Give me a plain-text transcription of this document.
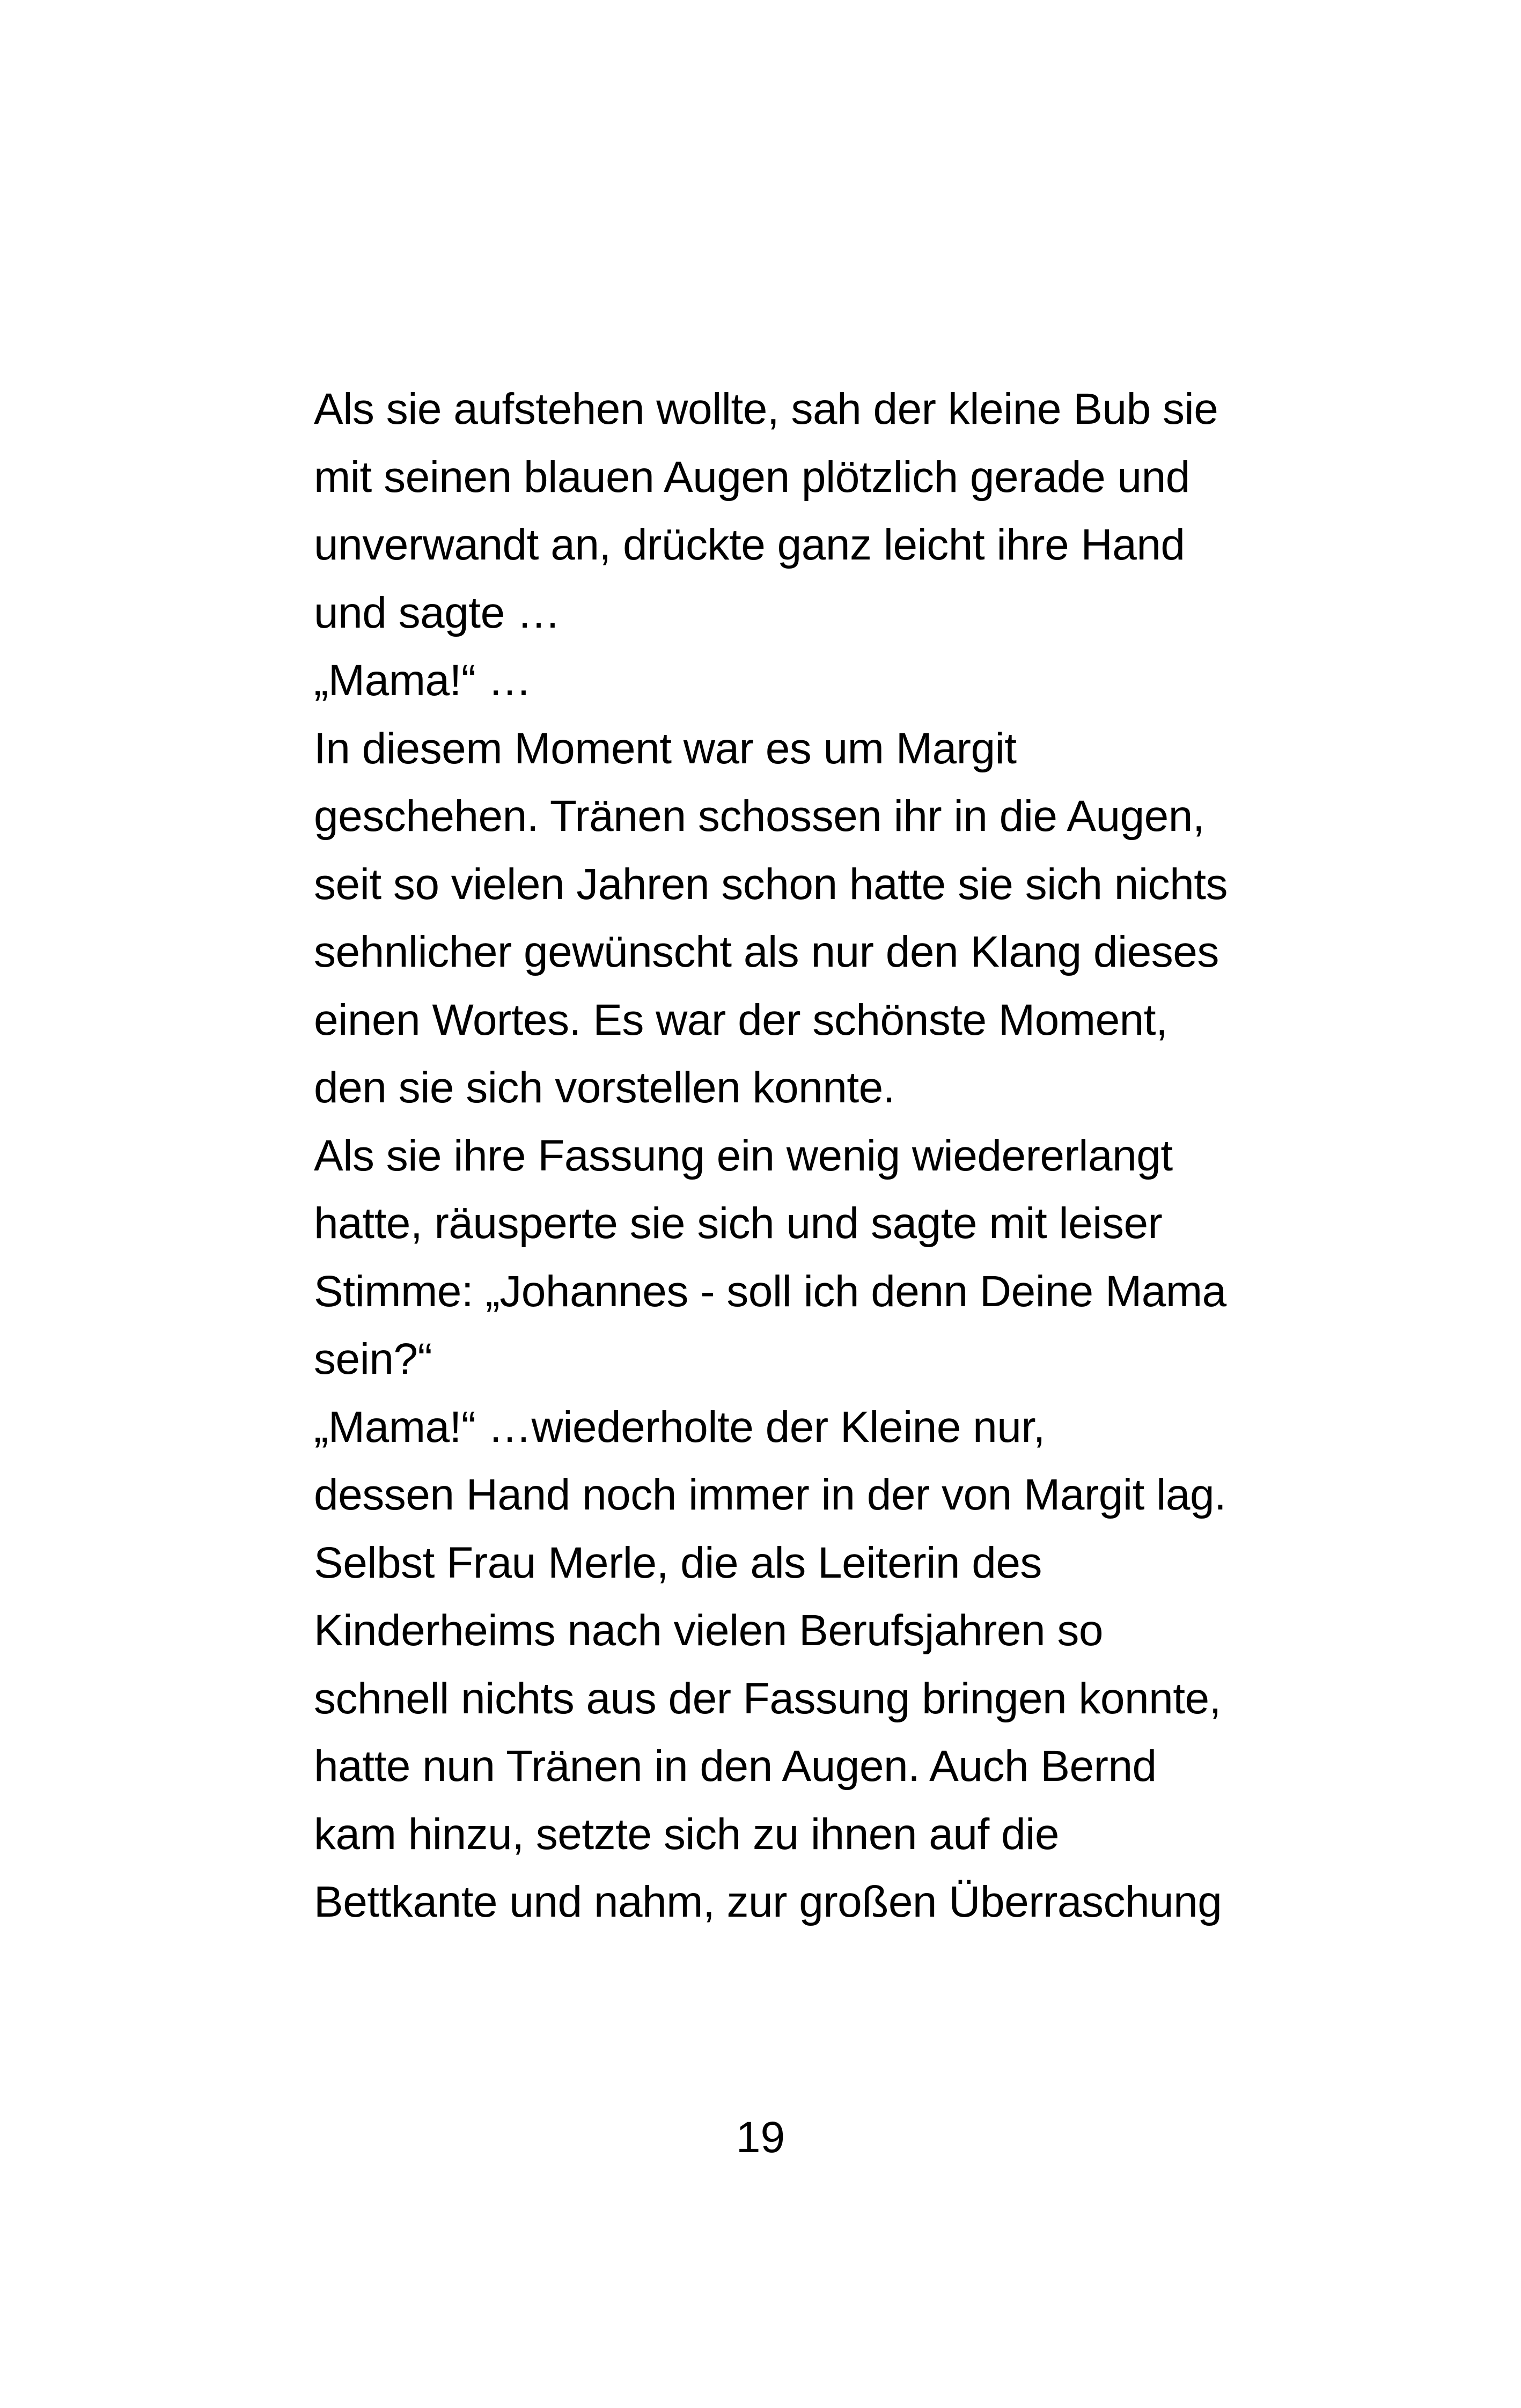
Als sie aufstehen wollte, sah der kleine Bub sie
mit seinen blauen Augen plötzlich gerade und
unverwandt an, drückte ganz leicht ihre Hand
und sagte …
„Mama!“ …
In diesem Moment war es um Margit
geschehen. Tränen schossen ihr in die Augen,
seit so vielen Jahren schon hatte sie sich nichts
sehnlicher gewünscht als nur den Klang dieses
einen Wortes. Es war der schönste Moment,
den sie sich vorstellen konnte.
Als sie ihre Fassung ein wenig wiedererlangt
hatte, räusperte sie sich und sagte mit leiser
Stimme: „Johannes - soll ich denn Deine Mama
sein?“
„Mama!“ …wiederholte der Kleine nur,
dessen Hand noch immer in der von Margit lag.
Selbst Frau Merle, die als Leiterin des
Kinderheims nach vielen Berufsjahren so
schnell nichts aus der Fassung bringen konnte,
hatte nun Tränen in den Augen. Auch Bernd
kam hinzu, setzte sich zu ihnen auf die
Bettkante und nahm, zur großen Überraschung
19
